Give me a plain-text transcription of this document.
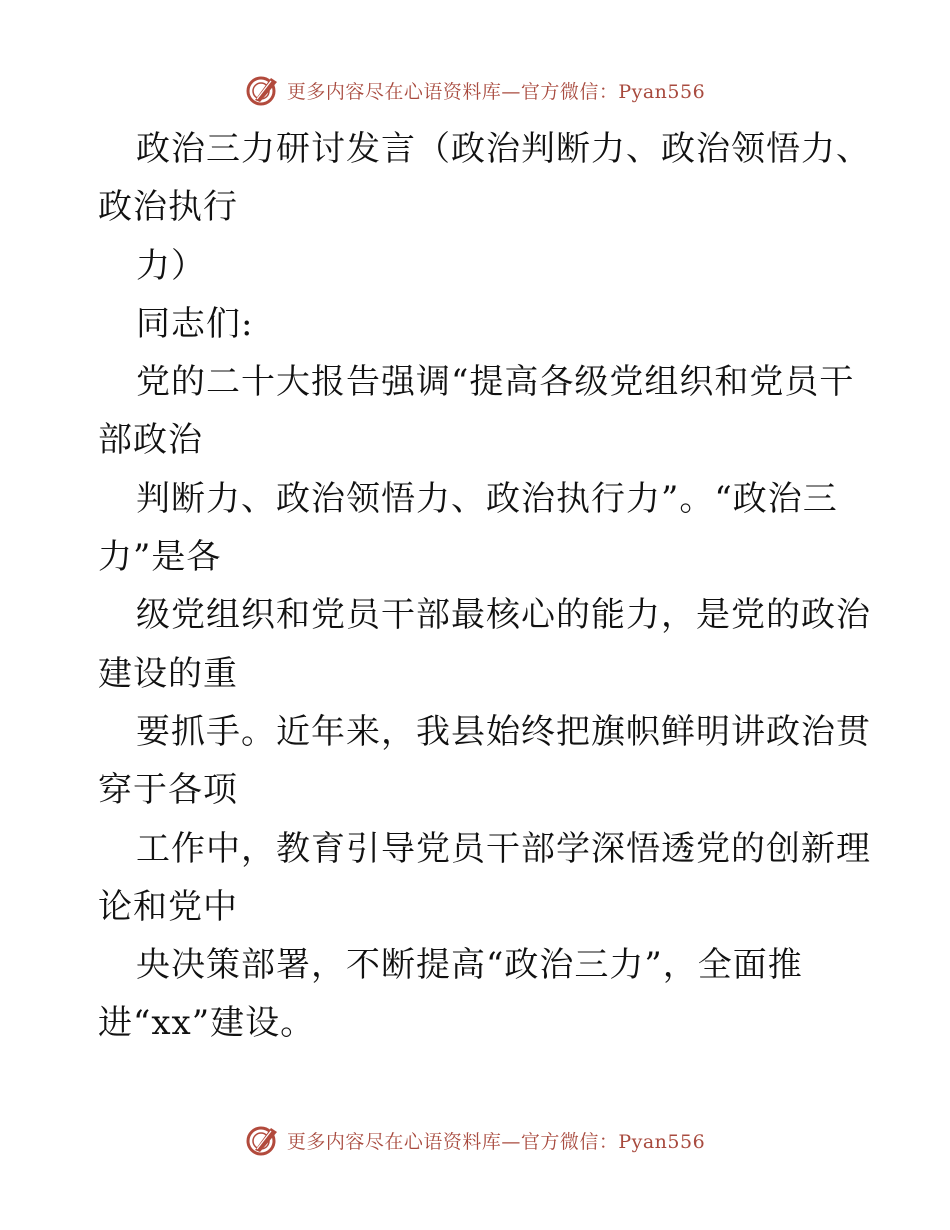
更多内容尽在心语资料库—官方微信：Pyan556
政治三力研讨发言（政治判断力、政治领悟力、
政治执行
力）
同志们:
党的二十大报告强调“提高各级党组织和党员干
部政治
判断力、政治领悟力、政治执行力”。“政治三
力”是各
级党组织和党员干部最核心的能力，是党的政治
建设的重
要抓手。近年来，我县始终把旗帜鲜明讲政治贯
穿于各项
工作中，教育引导党员干部学深悟透党的创新理
论和党中
央决策部署，不断提高“政治三力”，全面推
进“xx”建设。
更多内容尽在心语资料库—官方微信：Pyan556
